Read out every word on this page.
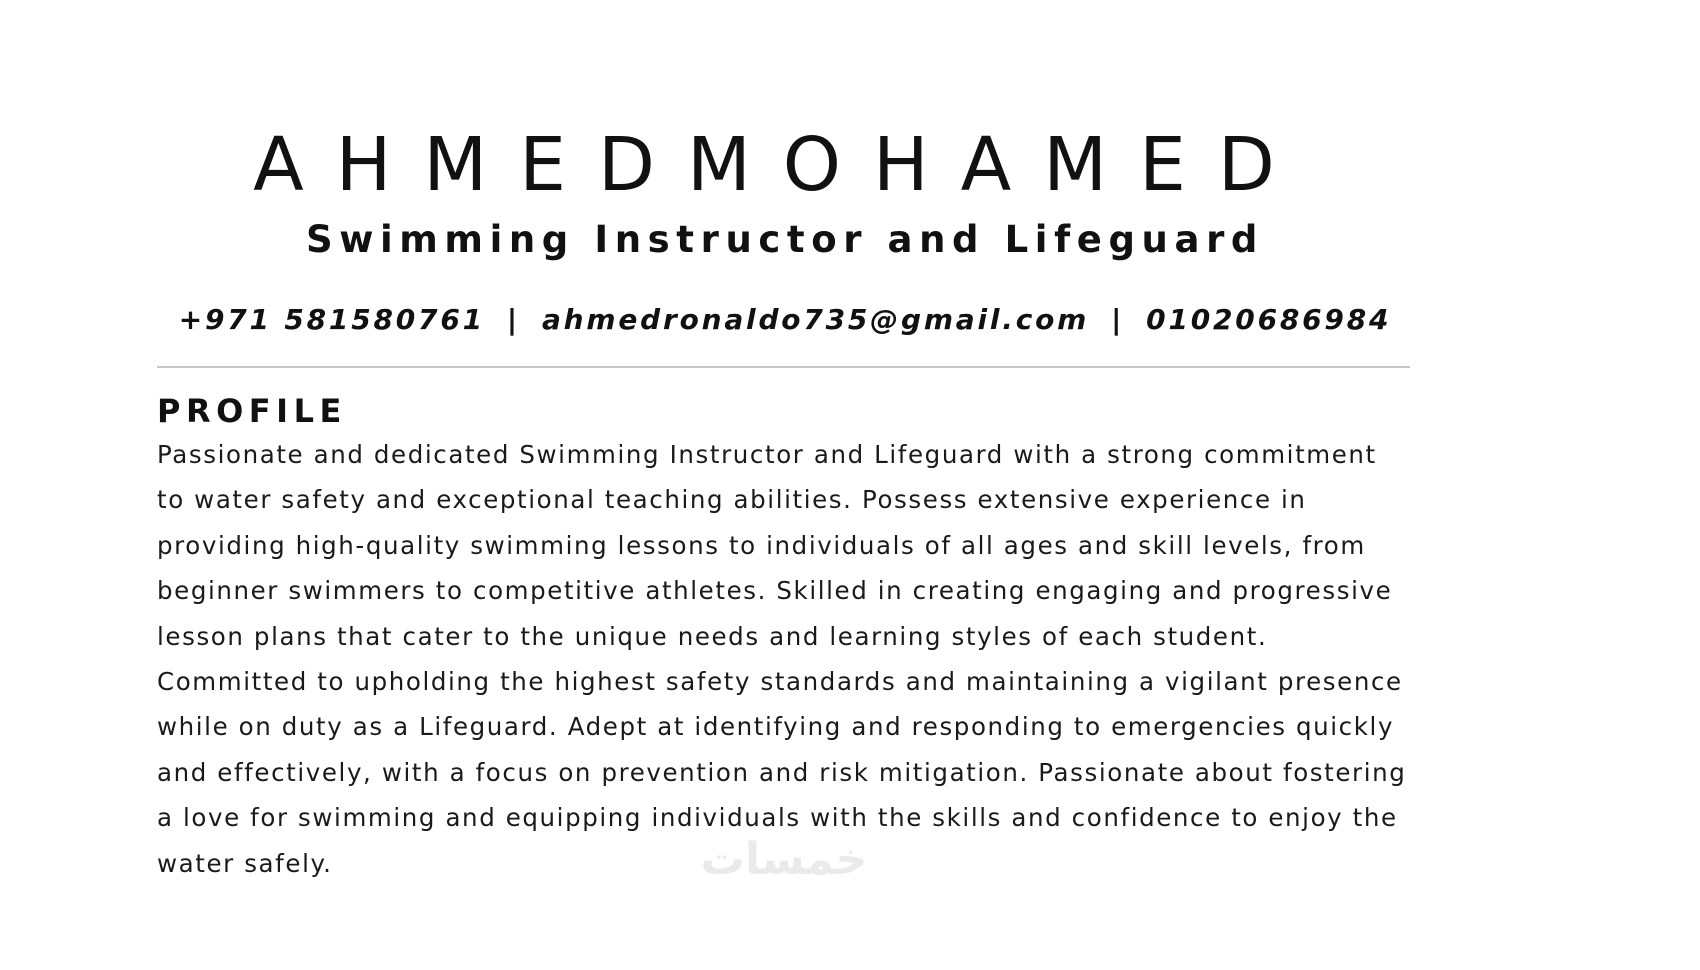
AHMEDMOHAMED
Swimming Instructor and Lifeguard
+971 581580761 | ahmedronaldo735@gmail.com | 01020686984
PROFILE
Passionate and dedicated Swimming Instructor and Lifeguard with a strong commitment
to water safety and exceptional teaching abilities. Possess extensive experience in
providing high-quality swimming lessons to individuals of all ages and skill levels, from
beginner swimmers to competitive athletes. Skilled in creating engaging and progressive
lesson plans that cater to the unique needs and learning styles of each student.
Committed to upholding the highest safety standards and maintaining a vigilant presence
while on duty as a Lifeguard. Adept at identifying and responding to emergencies quickly
and effectively, with a focus on prevention and risk mitigation. Passionate about fostering
a love for swimming and equipping individuals with the skills and confidence to enjoy the
water safely.	خمسات
